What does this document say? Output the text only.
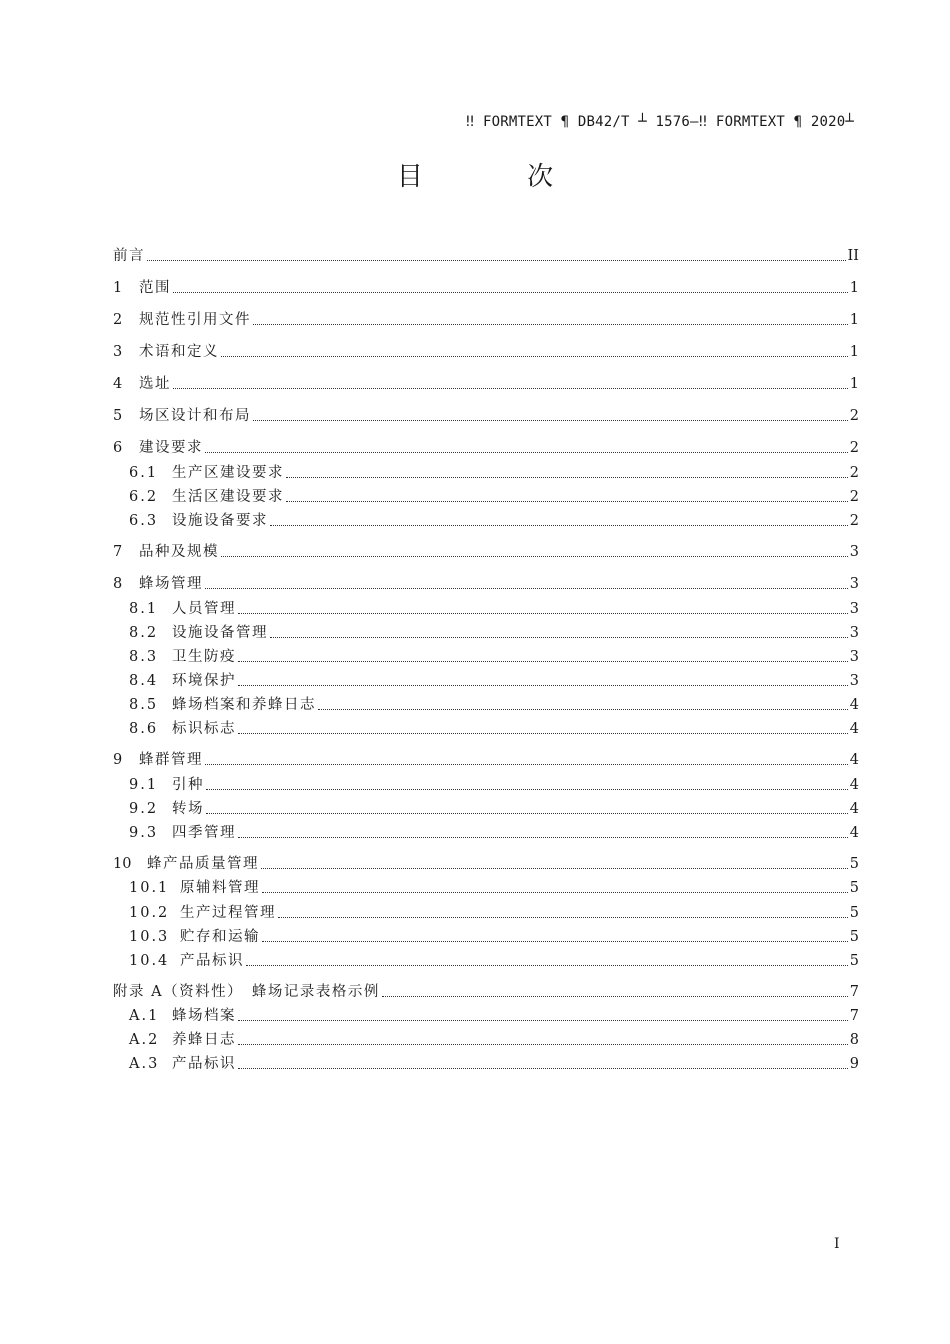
‼ FORMTEXT ¶ DB42/T ┴ 1576—‼ FORMTEXT ¶ 2020┴
目 次
前言	II
1	范围	1
2	规范性引用文件	1
3	术语和定义	1
4	选址	1
5	场区设计和布局	2
6	建设要求	2
6.1 生产区建设要求	2
6.2 生活区建设要求	2
6.3 设施设备要求	2
7	品种及规模	3
8	蜂场管理	3
8.1 人员管理	3
8.2 设施设备管理	3
8.3 卫生防疫	3
8.4 环境保护	3
8.5 蜂场档案和养蜂日志	4
8.6 标识标志	4
9	蜂群管理	4
9.1 引种	4
9.2 转场	4
9.3 四季管理	4
10	蜂产品质量管理	5
10.1 原辅料管理	5
10.2 生产过程管理	5
10.3 贮存和运输	5
10.4 产品标识	5
附录 A（资料性）　蜂场记录表格示例	7
A.1 蜂场档案	7
A.2 养蜂日志	8
A.3 产品标识	9
I
